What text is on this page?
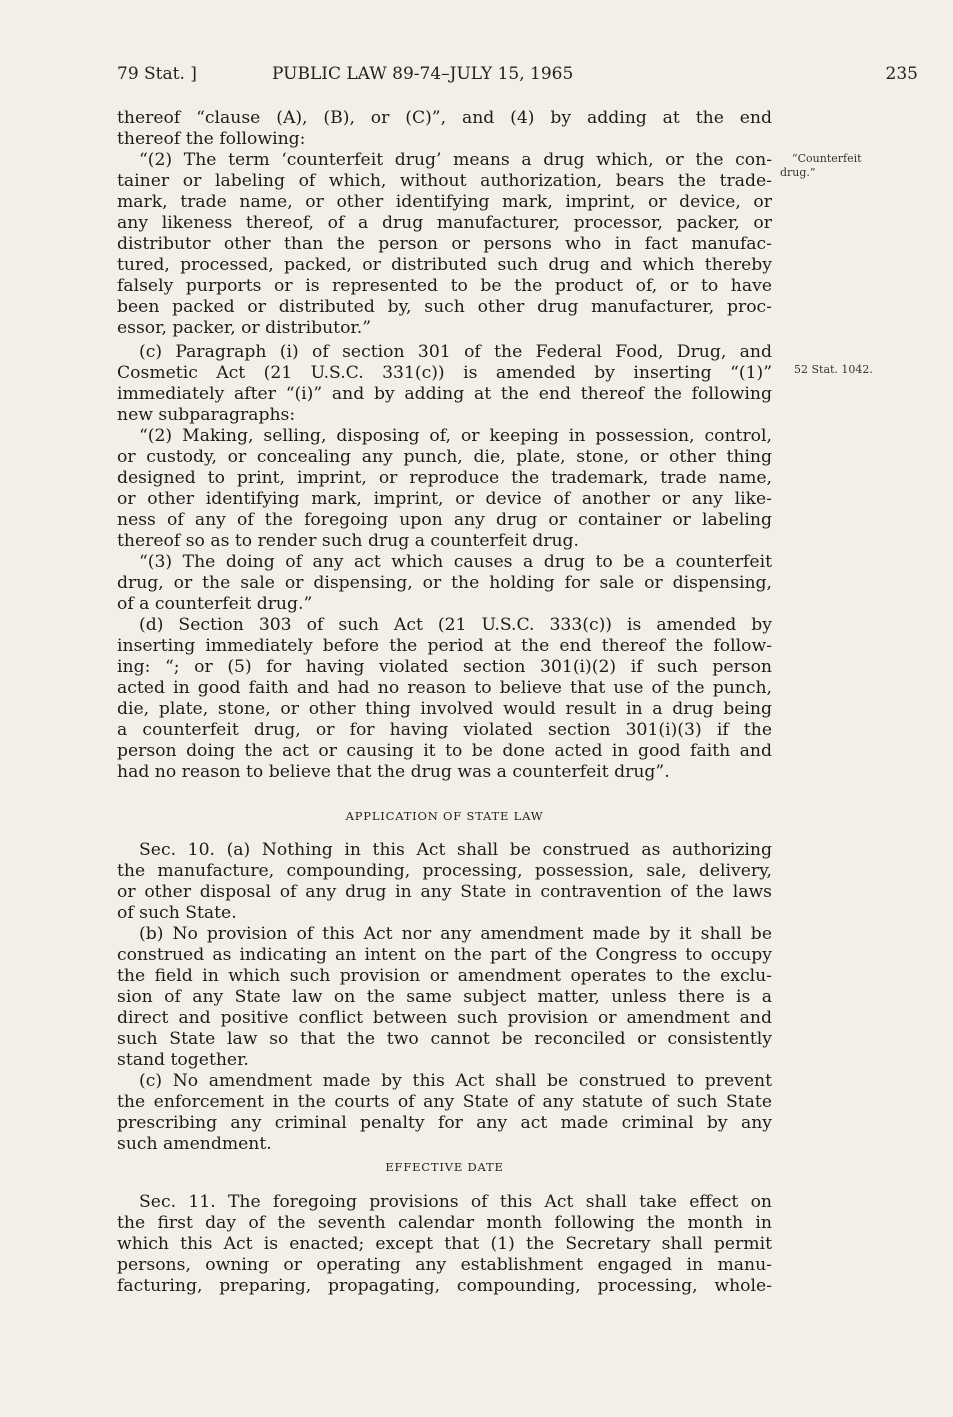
79 Stat. ]	PUBLIC LAW 89-74–JULY 15, 1965	235
“Counterfeit
drug.”
52 Stat. 1042.
thereof “clause (A), (B), or (C)”, and (4) by adding at the end
thereof the following:
“(2) The term ‘counterfeit drug’ means a drug which, or the con-
tainer or labeling of which, without authorization, bears the trade-
mark, trade name, or other identifying mark, imprint, or device, or
any likeness thereof, of a drug manufacturer, processor, packer, or
distributor other than the person or persons who in fact manufac-
tured, processed, packed, or distributed such drug and which thereby
falsely purports or is represented to be the product of, or to have
been packed or distributed by, such other drug manufacturer, proc-
essor, packer, or distributor.”
(c) Paragraph (i) of section 301 of the Federal Food, Drug, and
Cosmetic Act (21 U.S.C. 331(c)) is amended by inserting “(1)”
immediately after “(i)” and by adding at the end thereof the following
new subparagraphs:
“(2) Making, selling, disposing of, or keeping in possession, control,
or custody, or concealing any punch, die, plate, stone, or other thing
designed to print, imprint, or reproduce the trademark, trade name,
or other identifying mark, imprint, or device of another or any like-
ness of any of the foregoing upon any drug or container or labeling
thereof so as to render such drug a counterfeit drug.
“(3) The doing of any act which causes a drug to be a counterfeit
drug, or the sale or dispensing, or the holding for sale or dispensing,
of a counterfeit drug.”
(d) Section 303 of such Act (21 U.S.C. 333(c)) is amended by
inserting immediately before the period at the end thereof the follow-
ing: “; or (5) for having violated section 301(i)(2) if such person
acted in good faith and had no reason to believe that use of the punch,
die, plate, stone, or other thing involved would result in a drug being
a counterfeit drug, or for having violated section 301(i)(3) if the
person doing the act or causing it to be done acted in good faith and
had no reason to believe that the drug was a counterfeit drug”.
APPLICATION OF STATE LAW
Sec. 10. (a) Nothing in this Act shall be construed as authorizing
the manufacture, compounding, processing, possession, sale, delivery,
or other disposal of any drug in any State in contravention of the laws
of such State.
(b) No provision of this Act nor any amendment made by it shall be
construed as indicating an intent on the part of the Congress to occupy
the field in which such provision or amendment operates to the exclu-
sion of any State law on the same subject matter, unless there is a
direct and positive conflict between such provision or amendment and
such State law so that the two cannot be reconciled or consistently
stand together.
(c) No amendment made by this Act shall be construed to prevent
the enforcement in the courts of any State of any statute of such State
prescribing any criminal penalty for any act made criminal by any
such amendment.
EFFECTIVE DATE
Sec. 11. The foregoing provisions of this Act shall take effect on
the first day of the seventh calendar month following the month in
which this Act is enacted; except that (1) the Secretary shall permit
persons, owning or operating any establishment engaged in manu-
facturing, preparing, propagating, compounding, processing, whole-
